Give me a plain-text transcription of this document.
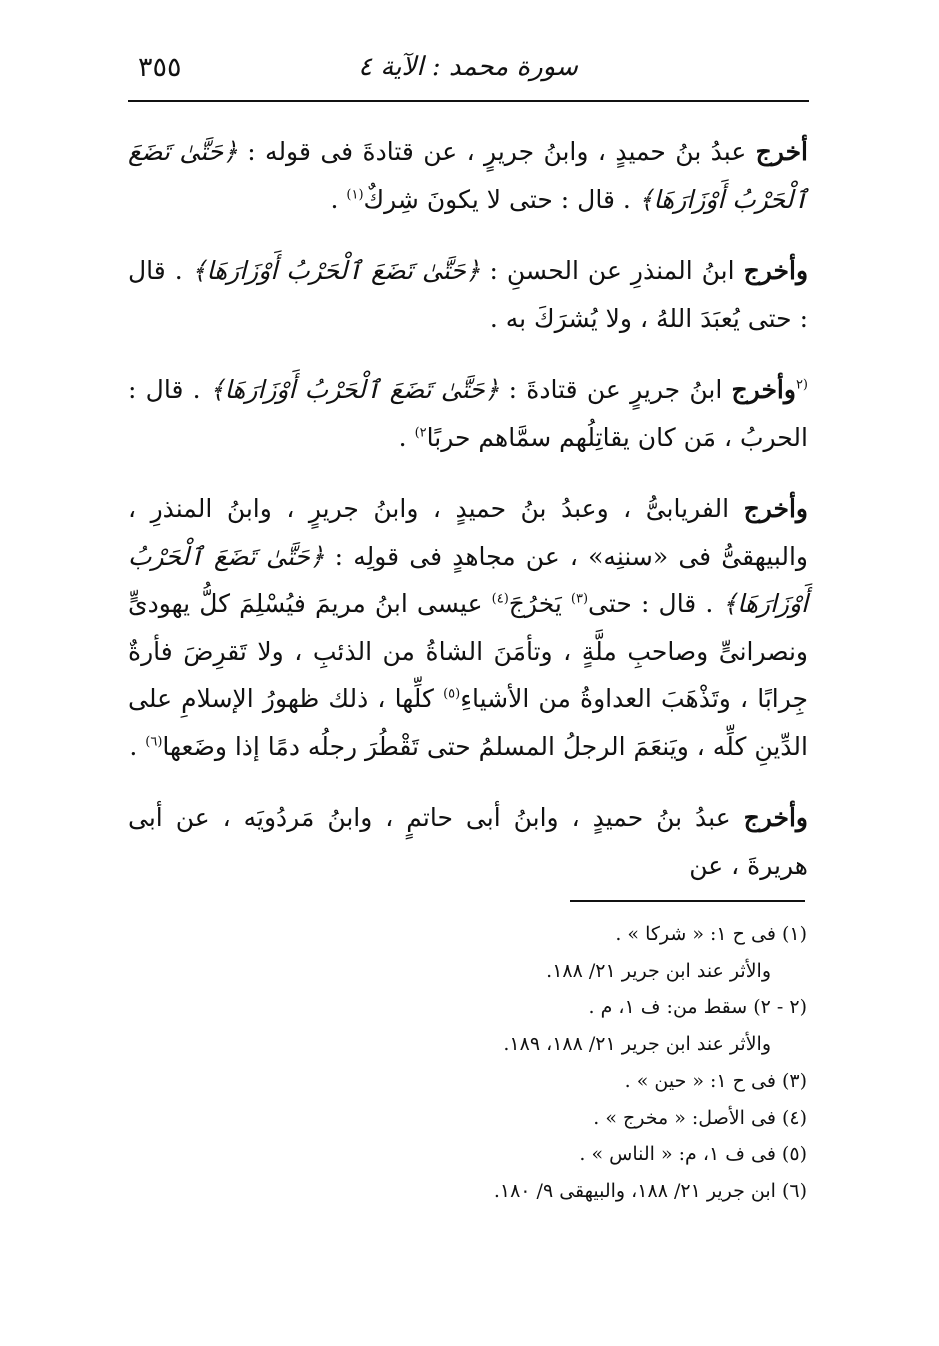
سورة محمد : الآية ٤
٣٥٥

أخرج عبدُ بنُ حميدٍ ، وابنُ جريرٍ ، عن قتادةَ فى قوله : ﴿حَتَّىٰ تَضَعَ ٱلْحَرْبُ أَوْزَارَهَا﴾ . قال : حتى لا يكونَ شِركٌ$^{(١)}$ .

وأخرج ابنُ المنذرِ عن الحسنِ : ﴿حَتَّىٰ تَضَعَ ٱلْحَرْبُ أَوْزَارَهَا﴾ . قال : حتى يُعبَدَ اللهُ ، ولا يُشرَكَ به .

$^{(٢}$وأخرج ابنُ جريرٍ عن قتادةَ : ﴿حَتَّىٰ تَضَعَ ٱلْحَرْبُ أَوْزَارَهَا﴾ . قال : الحربُ ، مَن كان يقاتِلُهم سمَّاهم حربًا$^{٢)}$ .

وأخرج الفريابىُّ ، وعبدُ بنُ حميدٍ ، وابنُ جريرٍ ، وابنُ المنذرِ ، والبيهقىُّ فى «سننِه» ، عن مجاهدٍ فى قولِه : ﴿حَتَّىٰ تَضَعَ ٱلْحَرْبُ أَوْزَارَهَا﴾ . قال : حتى$^{(٣)}$ يَخرُجَ$^{(٤)}$ عيسى ابنُ مريمَ فيُسْلِمَ كلُّ يهودىٍّ ونصرانىٍّ وصاحبِ ملَّةٍ ، وتأمَنَ الشاةُ من الذئبِ ، ولا تَقرِضَ فأرةٌ جِرابًا ، وتَذْهَبَ العداوةُ من الأشياءِ$^{(٥)}$ كلِّها ، ذلك ظهورُ الإسلامِ على الدِّينِ كلِّه ، ويَنعَمَ الرجلُ المسلمُ حتى تَقْطُرَ رجلُه دمًا إذا وضَعها$^{(٦)}$ .

وأخرج عبدُ بنُ حميدٍ ، وابنُ أبى حاتمٍ ، وابنُ مَردُويَه ، عن أبى هريرةَ ، عن

(١) فى ح ١: « شركا » .
والأثر عند ابن جرير ٢١/ ١٨٨.
(٢ - ٢) سقط من: ف ١، م .
والأثر عند ابن جرير ٢١/ ١٨٨، ١٨٩.
(٣) فى ح ١: « حين » .
(٤) فى الأصل: « مخرج » .
(٥) فى ف ١، م: « الناس » .
(٦) ابن جرير ٢١/ ١٨٨، والبيهقى ٩/ ١٨٠.
